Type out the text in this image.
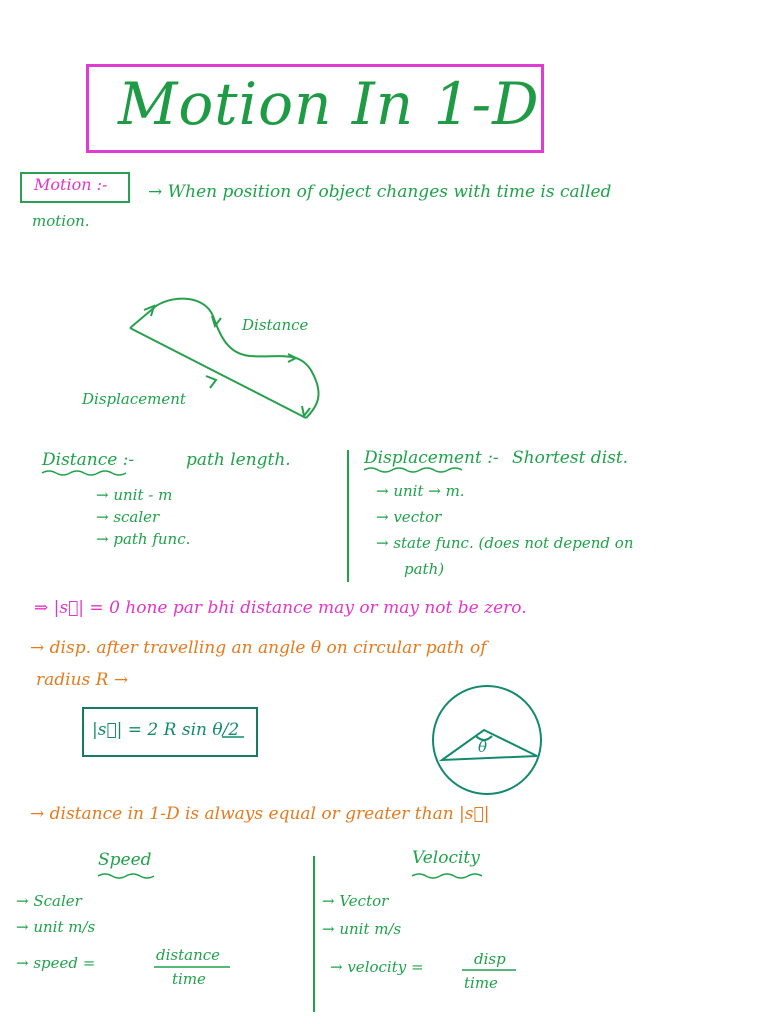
Motion In 1-D
Motion :- → When position of object changes with time is called
motion.
Distance
Displacement
Distance :-	path length.
→ unit - m
→ scaler
→ path func.
Displacement :- Shortest dist.
→ unit → m.
→ vector
→ state func. (does not depend on
path)
⇒ |s⃗| = 0 hone par bhi distance may or may not be zero.
→ disp. after travelling an angle θ on circular path of
radius R →
|s⃗| = 2 R sin θ/2
θ
→ distance in 1-D is always equal or greater than |s⃗|
Speed
→ Scaler
→ unit m/s
→ speed =	distance
time
Velocity
→ Vector
→ unit m/s
→ velocity =	disp
time
